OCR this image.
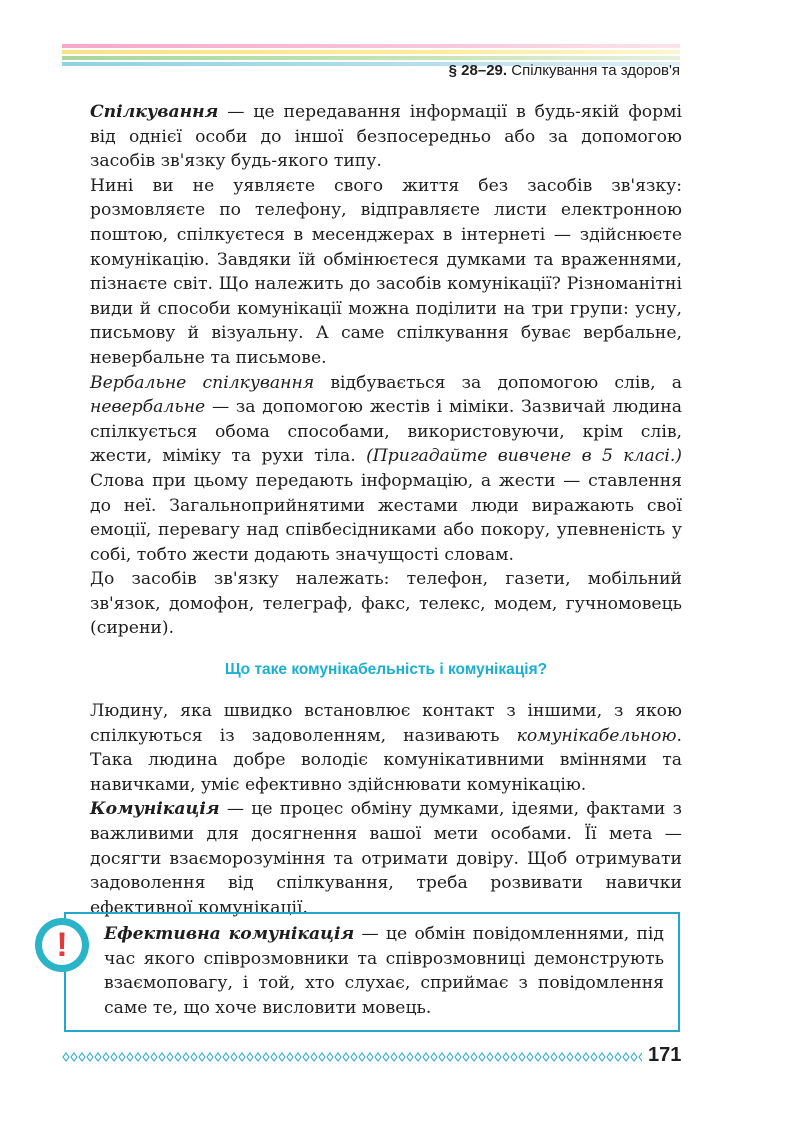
§ 28–29. Спілкування та здоров'я

Спілкування — це передавання інформації в будь-якій формі від однієї особи до іншої безпосередньо або за допомогою засобів зв'язку будь-якого типу.

Нині ви не уявляєте свого життя без засобів зв'язку: розмовляєте по телефону, відправляєте листи електронною поштою, спілкуєтеся в месенджерах в інтернеті — здійснюєте комунікацію. Завдяки їй обмінюєтеся думками та враженнями, пізнаєте світ. Що належить до засобів комунікації? Різноманітні види й способи комунікації можна поділити на три групи: усну, письмову й візуальну. А саме спілкування буває вербальне, невербальне та письмове.

Вербальне спілкування відбувається за допомогою слів, а невербальне — за допомогою жестів і міміки. Зазвичай людина спілкується обома способами, використовуючи, крім слів, жести, міміку та рухи тіла. (Пригадайте вивчене в 5 класі.) Слова при цьому передають інформацію, а жести — ставлення до неї. Загальноприйнятими жестами люди виражають свої емоції, перевагу над співбесідниками або покору, упевненість у собі, тобто жести додають значущості словам.

До засобів зв'язку належать: телефон, газети, мобільний зв'язок, домофон, телеграф, факс, телекс, модем, гучномовець (сирени).

Що таке комунікабельність і комунікація?

Людину, яка швидко встановлює контакт з іншими, з якою спілкуються із задоволенням, називають комунікабельною. Така людина добре володіє комунікативними вміннями та навичками, уміє ефективно здійснювати комунікацію.

Комунікація — це процес обміну думками, ідеями, фактами з важливими для досягнення вашої мети особами. Її мета — досягти взаєморозуміння та отримати довіру. Щоб отримувати задоволення від спілкування, треба розвивати навички ефективної комунікації.

Ефективна комунікація — це обмін повідомленнями, під час якого співрозмовники та співрозмовниці демонструють взаємоповагу, і той, хто слухає, сприймає з повідомлення саме те, що хоче висловити мовець.
!
171
